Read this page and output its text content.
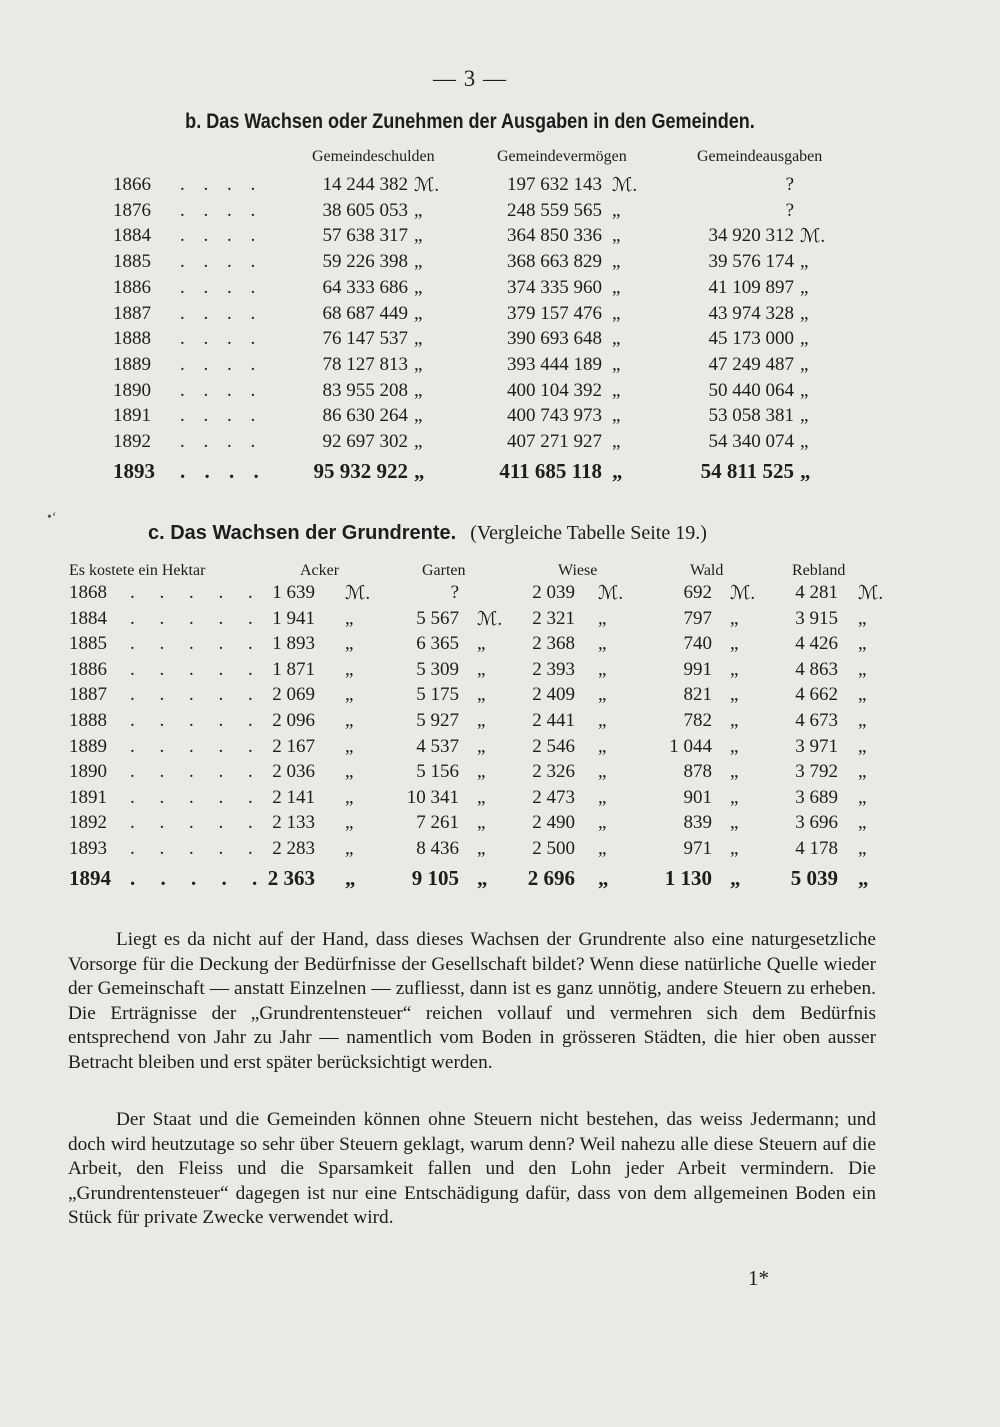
— 3 —
b. Das Wachsen oder Zunehmen der Ausgaben in den Gemeinden.
Gemeindeschulden	Gemeindevermögen	Gemeindeausgaben
1866 . . . .	14 244 382 ℳ.	197 632 143 ℳ.	?
1876 . . . .	38 605 053 „	248 559 565 „	?
1884 . . . .	57 638 317 „	364 850 336 „	34 920 312 ℳ.
1885 . . . .	59 226 398 „	368 663 829 „	39 576 174 „
1886 . . . .	64 333 686 „	374 335 960 „	41 109 897 „
1887 . . . .	68 687 449 „	379 157 476 „	43 974 328 „
1888 . . . .	76 147 537 „	390 693 648 „	45 173 000 „
1889 . . . .	78 127 813 „	393 444 189 „	47 249 487 „
1890 . . . .	83 955 208 „	400 104 392 „	50 440 064 „
1891 . . . .	86 630 264 „	400 743 973 „	53 058 381 „
1892 . . . .	92 697 302 „	407 271 927 „	54 340 074 „
1893 . . . . 95 932 922 „	411 685 118 „	54 811 525 „
•‘
c. Das Wachsen der Grundrente. (Vergleiche Tabelle Seite 19.)
Es kostete ein Hektar	Acker	Garten	Wiese	Wald	Rebland
1868 . . . . . 1 639 ℳ.	?	2 039 ℳ.	692 ℳ. 4 281 ℳ.
1884 . . . . . 1 941 „	5 567 ℳ. 2 321 „	797 „	3 915 „
1885 . . . . . 1 893 „	6 365 „ 2 368 „	740 „	4 426 „
1886 . . . . . 1 871 „	5 309 „ 2 393 „	991 „	4 863 „
1887 . . . . . 2 069 „	5 175 „ 2 409 „	821 „	4 662 „
1888 . . . . . 2 096 „	5 927 „ 2 441 „	782 „	4 673 „
1889 . . . . . 2 167 „	4 537 „ 2 546 „	1 044 „	3 971 „
1890 . . . . . 2 036 „	5 156 „ 2 326 „	878 „	3 792 „
1891 . . . . . 2 141 „	10 341 „ 2 473 „	901 „	3 689 „
1892 . . . . . 2 133 „	7 261 „ 2 490 „	839 „	3 696 „
1893 . . . . . 2 283 „	8 436 „ 2 500 „	971 „	4 178 „
1894 . . . . . 2 363 „	9 105 „ 2 696 „	1 130 „ 5 039 „

Liegt es da nicht auf der Hand, dass dieses Wachsen der Grundrente also eine naturgesetzliche Vorsorge für die Deckung der Bedürfnisse der Gesellschaft bildet? Wenn diese natürliche Quelle wieder der Gemeinschaft — anstatt Einzelnen — zufliesst, dann ist es ganz unnötig, andere Steuern zu erheben. Die Erträgnisse der „Grundrentensteuer“ reichen vollauf und vermehren sich dem Bedürfnis entsprechend von Jahr zu Jahr — namentlich vom Boden in grösseren Städten, die hier oben ausser Betracht bleiben und erst später berücksichtigt werden.

Der Staat und die Gemeinden können ohne Steuern nicht bestehen, das weiss Jedermann; und doch wird heutzutage so sehr über Steuern geklagt, warum denn? Weil nahezu alle diese Steuern auf die Arbeit, den Fleiss und die Sparsamkeit fallen und den Lohn jeder Arbeit vermindern. Die „Grundrentensteuer“ dagegen ist nur eine Entschädigung dafür, dass von dem allgemeinen Boden ein Stück für private Zwecke verwendet wird.

1*
